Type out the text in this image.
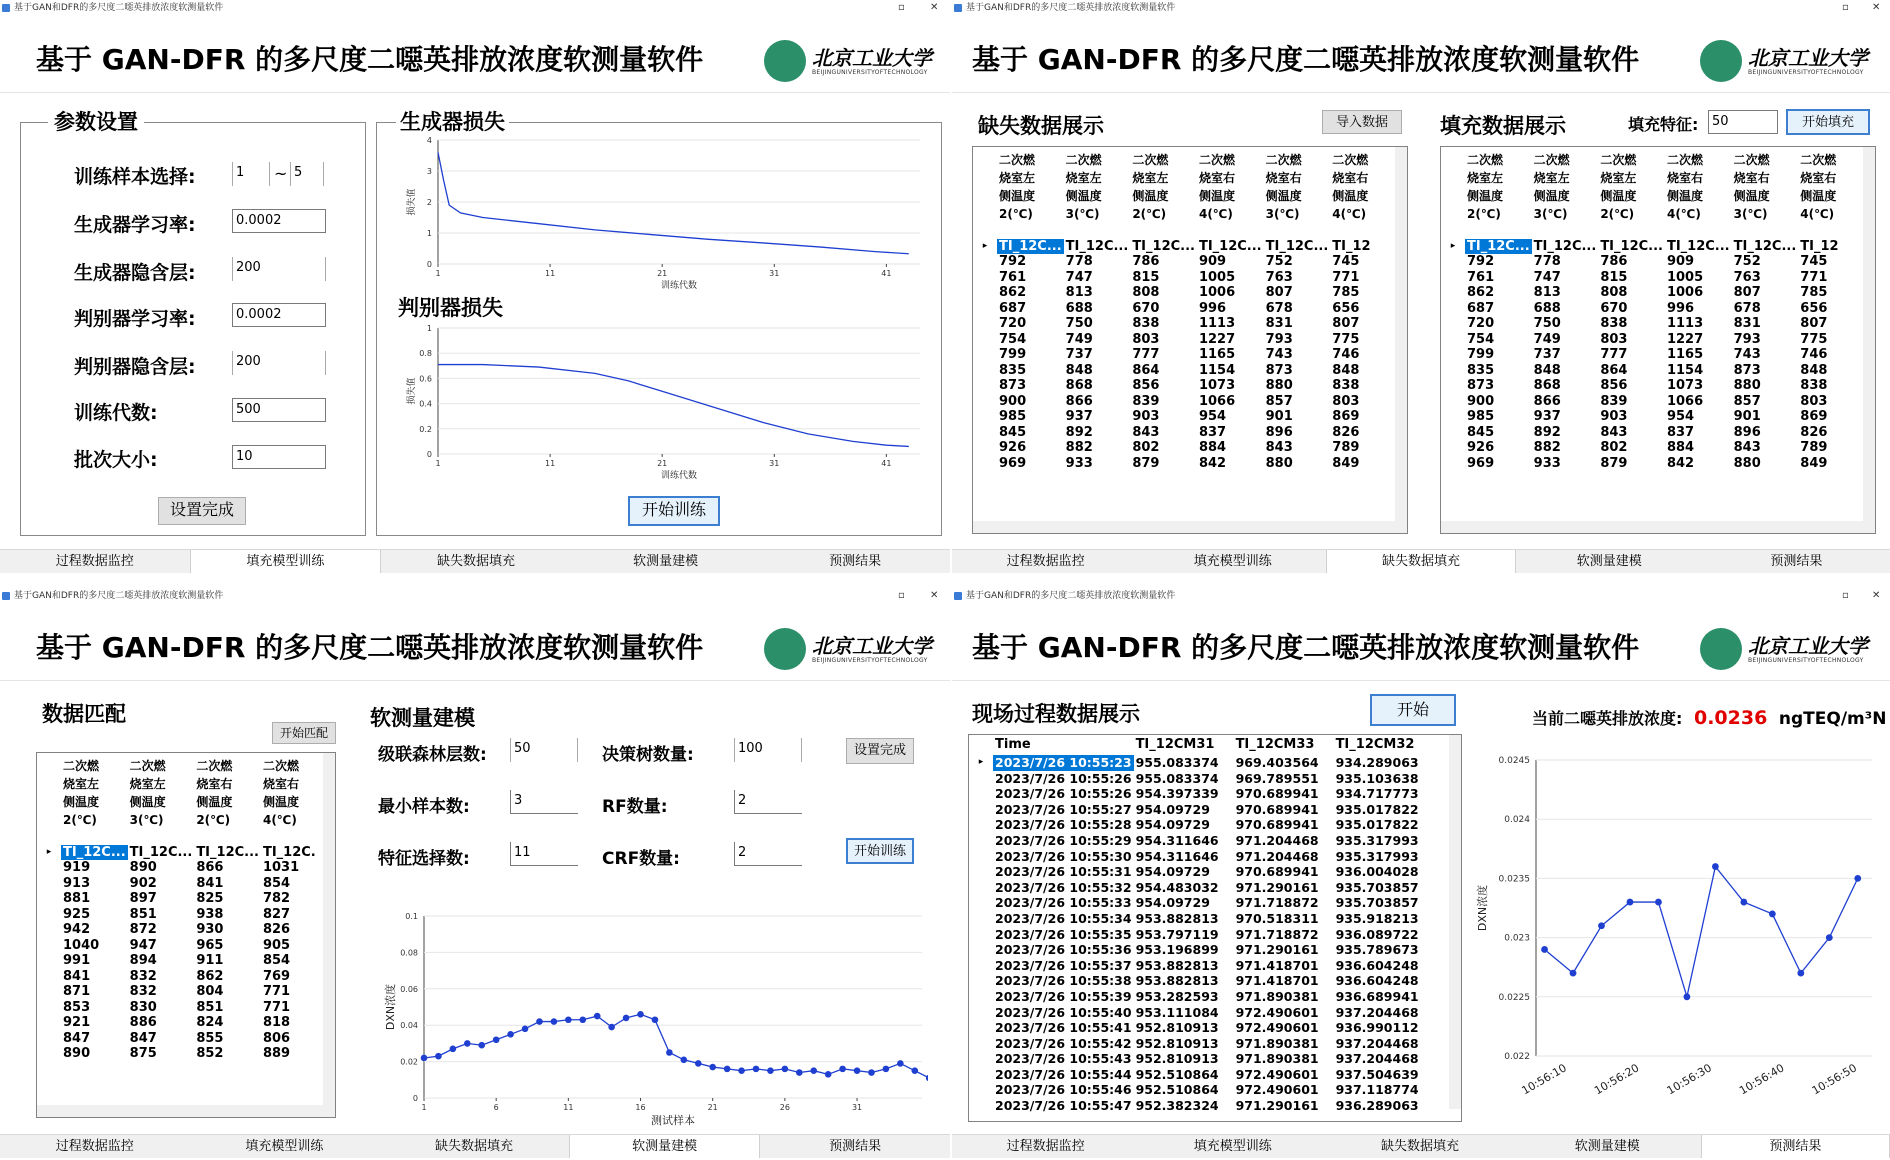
基于GAN和DFR的多尺度二噁英排放浓度软测量软件	▫	✕
基于 GAN-DFR 的多尺度二噁英排放浓度软测量软件	北京工业大学
BEIJINGUNIVERSITYOFTECHNOLOGY
参数设置
训练样本选择:	1	~ 5
生成器学习率:	0.0002
生成器隐含层:	200
判别器学习率:	0.0002
判别器隐含层:	200
训练代数:	500
批次大小:	10
设置完成
生成器损失
0
1
2
3
4
1	11	21	31	41
训练代数
损失值
判别器损失
0
0.2
0.4
0.6
0.8
1
1	11	21	31	41
训练代数
损失值
开始训练
过程数据监控	填充模型训练	缺失数据填充	软测量建模	预测结果
基于GAN和DFR的多尺度二噁英排放浓度软测量软件	▫ ✕
基于 GAN-DFR 的多尺度二噁英排放浓度软测量软件	北京工业大学
BEIJINGUNIVERSITYOFTECHNOLOGY
缺失数据展示	导入数据
	二次燃
烧室左
侧温度
2(℃)	二次燃
烧室左
侧温度
3(℃)	二次燃
烧室左
侧温度
2(℃)	二次燃
烧室右
侧温度
4(℃)	二次燃
烧室右
侧温度
3(℃)	二次燃
烧室右
侧温度
4(℃)

▸	TI_12C...	TI_12C...	TI_12C...	TI_12C...	TI_12C...	TI_12
	792	778	786	909	752	745
	761	747	815	1005	763	771
	862	813	808	1006	807	785
	687	688	670	996	678	656
	720	750	838	1113	831	807
	754	749	803	1227	793	775
	799	737	777	1165	743	746
	835	848	864	1154	873	848
	873	868	856	1073	880	838
	900	866	839	1066	857	803
	985	937	903	954	901	869
	845	892	843	837	896	826
	926	882	802	884	843	789
	969	933	879	842	880	849
填充数据展示	填充特征:	50	开始填充
	二次燃
烧室左
侧温度
2(℃)	二次燃
烧室左
侧温度
3(℃)	二次燃
烧室左
侧温度
2(℃)	二次燃
烧室右
侧温度
4(℃)	二次燃
烧室右
侧温度
3(℃)	二次燃
烧室右
侧温度
4(℃)

▸	TI_12C...	TI_12C...	TI_12C...	TI_12C...	TI_12C...	TI_12
	792	778	786	909	752	745
	761	747	815	1005	763	771
	862	813	808	1006	807	785
	687	688	670	996	678	656
	720	750	838	1113	831	807
	754	749	803	1227	793	775
	799	737	777	1165	743	746
	835	848	864	1154	873	848
	873	868	856	1073	880	838
	900	866	839	1066	857	803
	985	937	903	954	901	869
	845	892	843	837	896	826
	926	882	802	884	843	789
	969	933	879	842	880	849
过程数据监控	填充模型训练	缺失数据填充	软测量建模	预测结果
基于GAN和DFR的多尺度二噁英排放浓度软测量软件	▫	✕
基于 GAN-DFR 的多尺度二噁英排放浓度软测量软件	北京工业大学
BEIJINGUNIVERSITYOFTECHNOLOGY
数据匹配
开始匹配
	二次燃
烧室左
侧温度
2(℃)	二次燃
烧室左
侧温度
3(℃)	二次燃
烧室右
侧温度
2(℃)	二次燃
烧室右
侧温度
4(℃)

▸	TI_12C...	TI_12C...	TI_12C...	TI_12C.
	919	890	866	1031
	913	902	841	854
	881	897	825	782
	925	851	938	827
	942	872	930	826
	1040	947	965	905
	991	894	911	854
	841	832	862	769
	871	832	804	771
	853	830	851	771
	921	886	824	818
	847	847	855	806
	890	875	852	889
软测量建模
级联森林层数:	50	决策树数量:	100	设置完成
最小样本数:	3	RF数量:	2
特征选择数:	11	CRF数量:	2	开始训练
0
0.02
0.04
0.06
0.08
0.1
1	6	11	16	21	26	31
测试样本
DXN浓度
过程数据监控	填充模型训练	缺失数据填充	软测量建模	预测结果
基于GAN和DFR的多尺度二噁英排放浓度软测量软件	▫ ✕
基于 GAN-DFR 的多尺度二噁英排放浓度软测量软件	北京工业大学
BEIJINGUNIVERSITYOFTECHNOLOGY
现场过程数据展示	开始	当前二噁英排放浓度: 0.0236 ngTEQ/m³N
	Time	TI_12CM31	TI_12CM33	TI_12CM32
▸	2023/7/26 10:55:23	955.083374	969.403564	934.289063
	2023/7/26 10:55:26	955.083374	969.789551	935.103638
	2023/7/26 10:55:26	954.397339	970.689941	934.717773
	2023/7/26 10:55:27	954.09729	970.689941	935.017822
	2023/7/26 10:55:28	954.09729	970.689941	935.017822
	2023/7/26 10:55:29	954.311646	971.204468	935.317993
	2023/7/26 10:55:30	954.311646	971.204468	935.317993
	2023/7/26 10:55:31	954.09729	970.689941	936.004028
	2023/7/26 10:55:32	954.483032	971.290161	935.703857
	2023/7/26 10:55:33	954.09729	971.718872	935.703857
	2023/7/26 10:55:34	953.882813	970.518311	935.918213
	2023/7/26 10:55:35	953.797119	971.718872	936.089722
	2023/7/26 10:55:36	953.196899	971.290161	935.789673
	2023/7/26 10:55:37	953.882813	971.418701	936.604248
	2023/7/26 10:55:38	953.882813	971.418701	936.604248
	2023/7/26 10:55:39	953.282593	971.890381	936.689941
	2023/7/26 10:55:40	953.111084	972.490601	937.204468
	2023/7/26 10:55:41	952.810913	972.490601	936.990112
	2023/7/26 10:55:42	952.810913	971.890381	937.204468
	2023/7/26 10:55:43	952.810913	971.890381	937.204468
	2023/7/26 10:55:44	952.510864	972.490601	937.504639
	2023/7/26 10:55:46	952.510864	972.490601	937.118774
	2023/7/26 10:55:47	952.382324	971.290161	936.289063
0.022
0.0225
0.023
0.0235
0.024
0.0245
10:56:10 10:56:20 10:56:30 10:56:40 10:56:50
DXN浓度
过程数据监控	填充模型训练	缺失数据填充	软测量建模	预测结果
